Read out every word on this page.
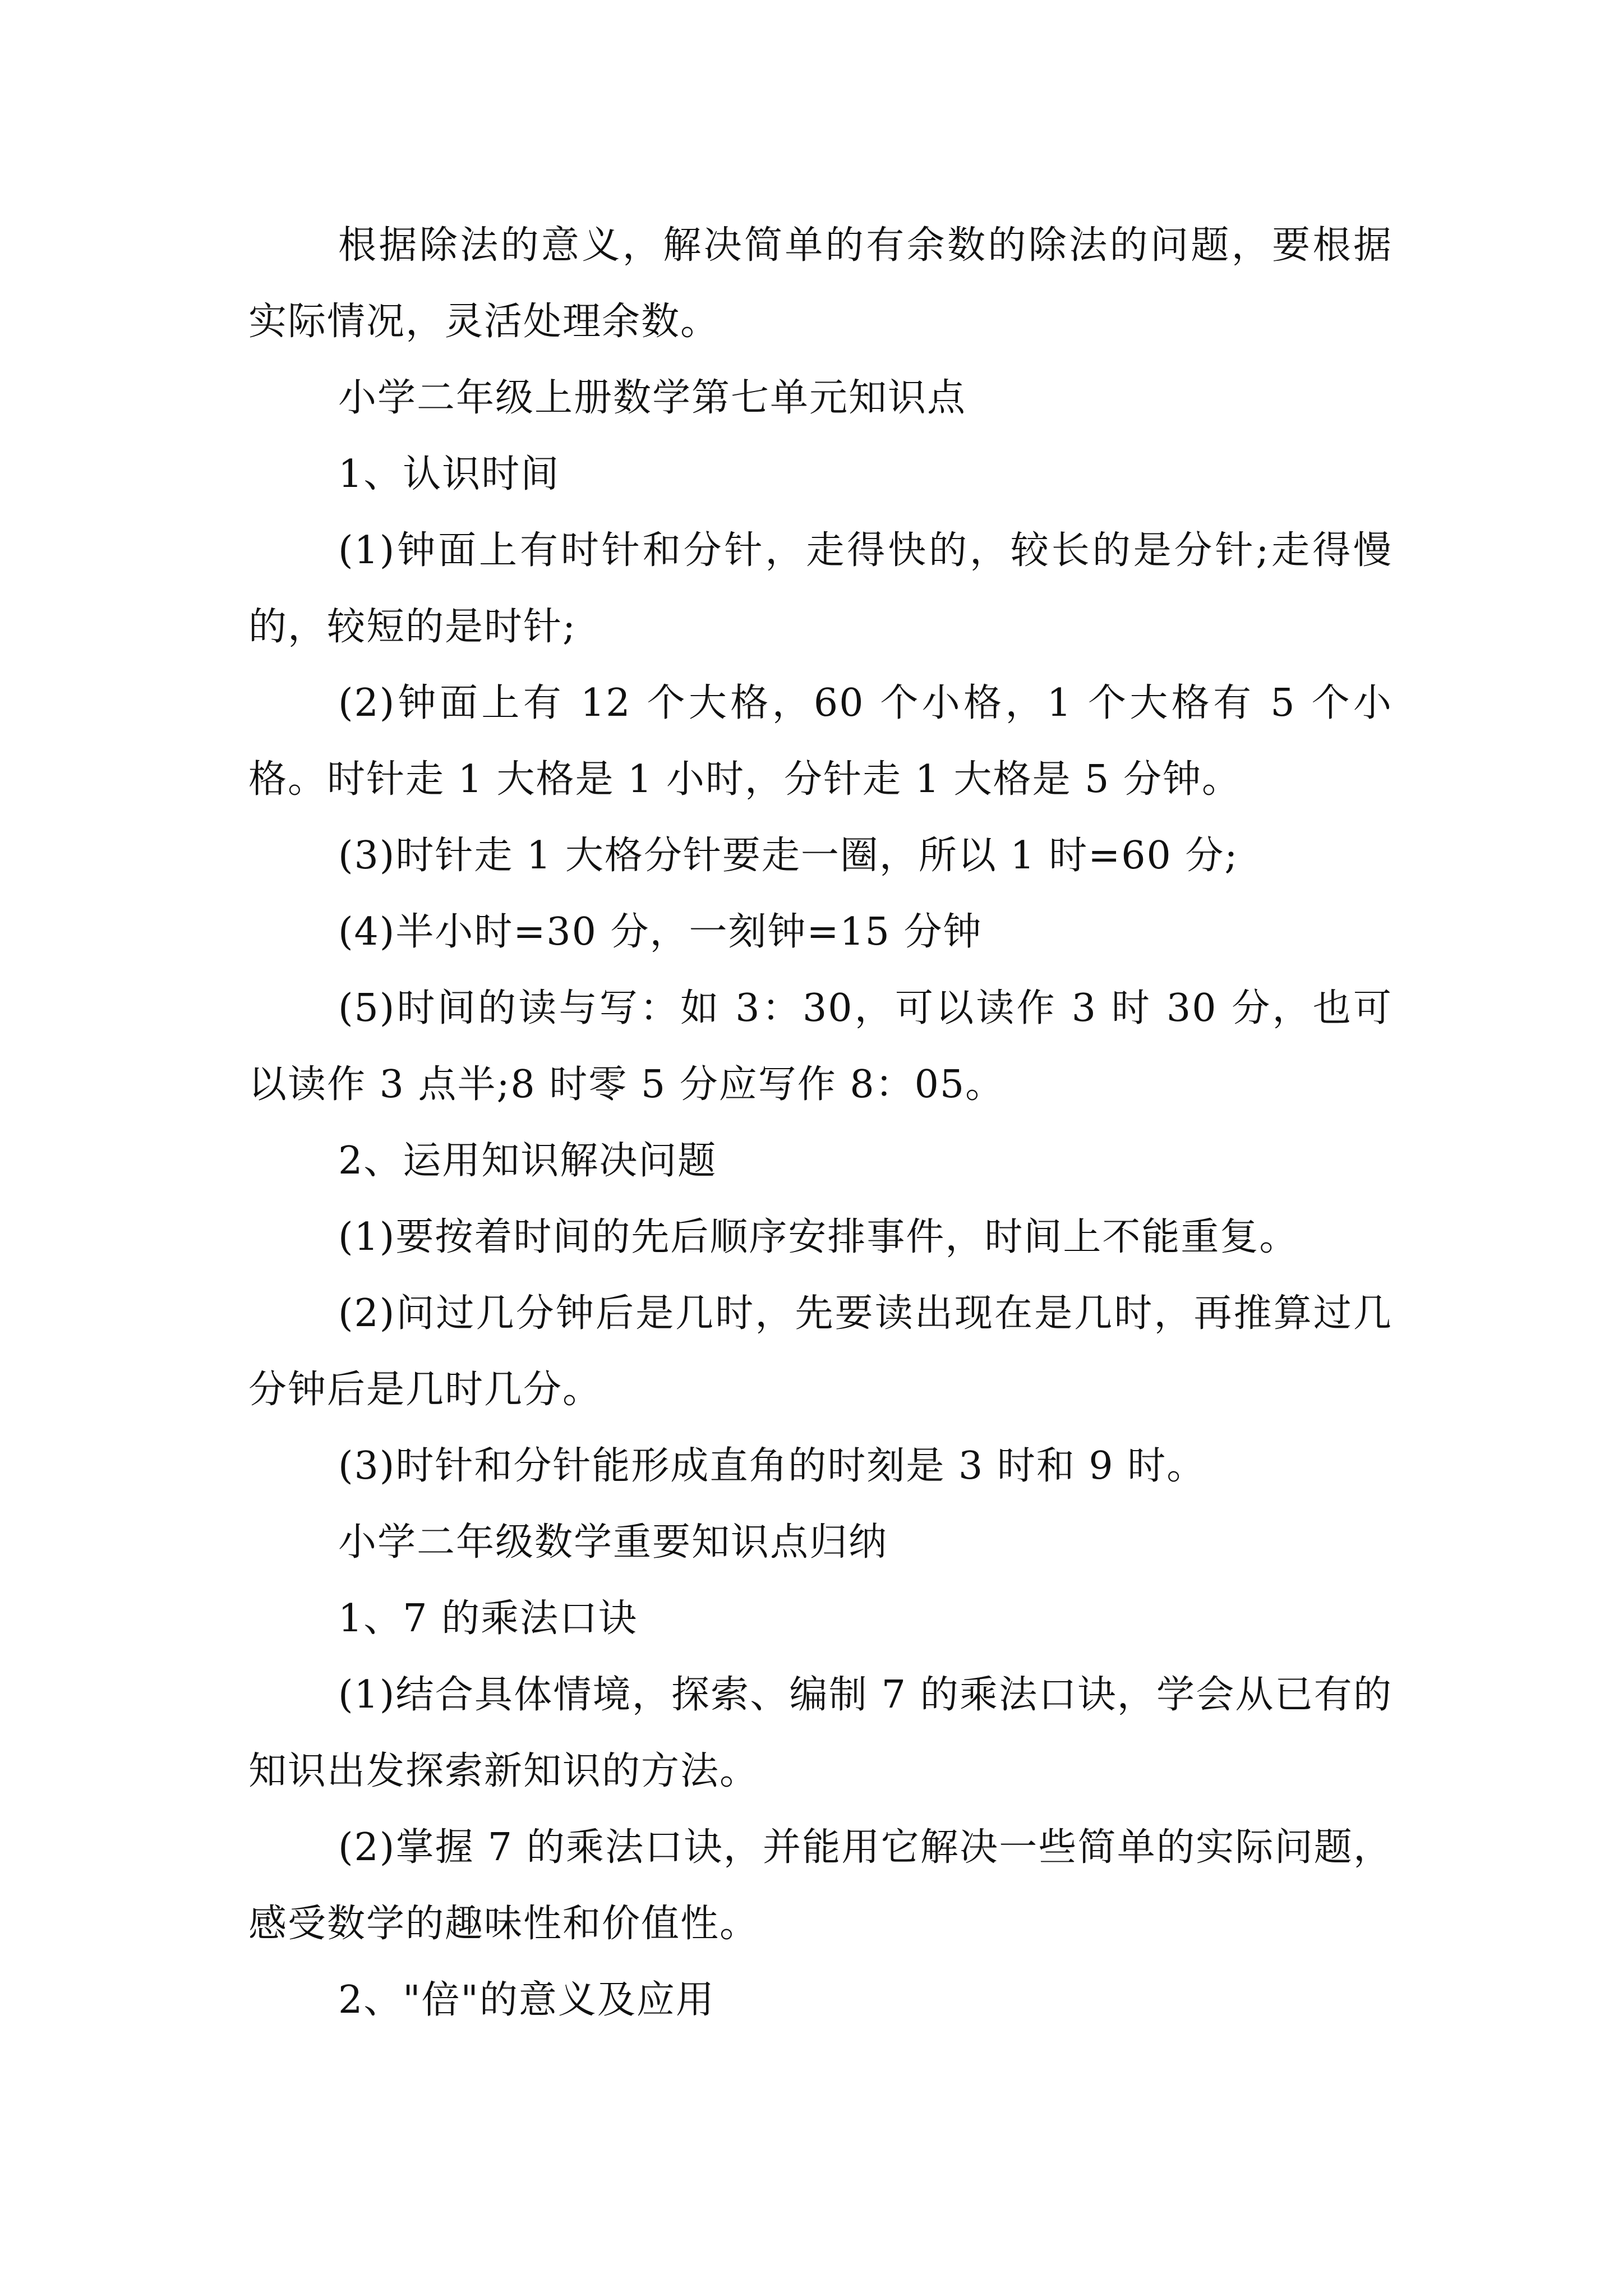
根据除法的意义，解决简单的有余数的除法的问题，要根据实际情况，灵活处理余数。

小学二年级上册数学第七单元知识点

1、认识时间

(1)钟面上有时针和分针，走得快的，较长的是分针;走得慢的，较短的是时针;

(2)钟面上有 12 个大格，60 个小格，1 个大格有 5 个小格。时针走 1 大格是 1 小时，分针走 1 大格是 5 分钟。

(3)时针走 1 大格分针要走一圈，所以 1 时=60 分;

(4)半小时=30 分，一刻钟=15 分钟

(5)时间的读与写：如 3：30，可以读作 3 时 30 分，也可以读作 3 点半;8 时零 5 分应写作 8：05。

2、运用知识解决问题

(1)要按着时间的先后顺序安排事件，时间上不能重复。

(2)问过几分钟后是几时，先要读出现在是几时，再推算过几分钟后是几时几分。

(3)时针和分针能形成直角的时刻是 3 时和 9 时。

小学二年级数学重要知识点归纳

1、7 的乘法口诀

(1)结合具体情境，探索、编制 7 的乘法口诀，学会从已有的知识出发探索新知识的方法。

(2)掌握 7 的乘法口诀，并能用它解决一些简单的实际问题，感受数学的趣味性和价值性。

2、"倍"的意义及应用
